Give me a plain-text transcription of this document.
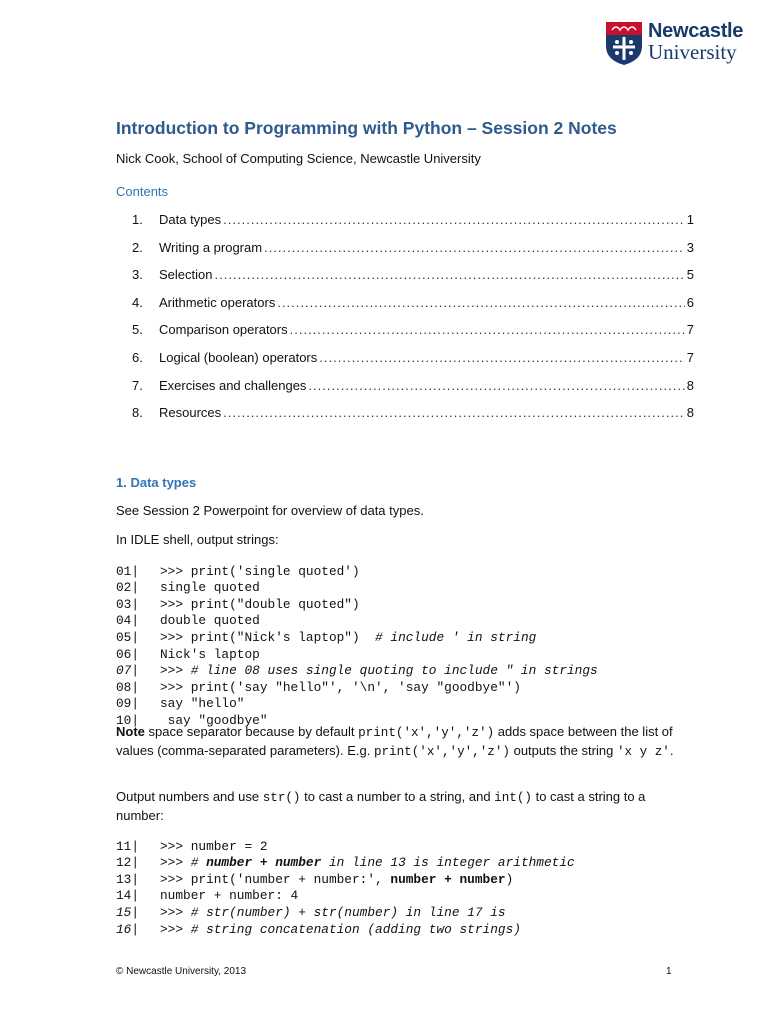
Newcastle
University
Introduction to Programming with Python – Session 2 Notes
Nick Cook, School of Computing Science, Newcastle University
Contents
1.	Data types .....	1
2.	Writing a program .....	3
3.	Selection .....	5
4.	Arithmetic operators .....	6
5.	Comparison operators .....	7
6.	Logical (boolean) operators .....	7
7.	Exercises and challenges .....	8
8.	Resources .....	8
1. Data types
See Session 2 Powerpoint for overview of data types.
In IDLE shell, output strings:

01| >>> print('single quoted')
02| single quoted
03| >>> print("double quoted")
04| double quoted
05| >>> print("Nick's laptop")  # include ' in string
06| Nick's laptop
07| >>> # line 08 uses single quoting to include " in strings
08| >>> print('say "hello"', '\n', 'say "goodbye"')
09| say "hello"
10| say "goodbye"

Note space separator because by default print('x','y','z') adds space between the list of values (comma-separated parameters). E.g. print('x','y','z') outputs the string 'x y z'.
Output numbers and use str() to cast a number to a string, and int() to cast a string to a number:

11| >>> number = 2
12| >>> # number + number in line 13 is integer arithmetic
13| >>> print('number + number:', number + number)
14| number + number: 4
15| >>> # str(number) + str(number) in line 17 is
16| >>> # string concatenation (adding two strings)

© Newcastle University, 2013	1
